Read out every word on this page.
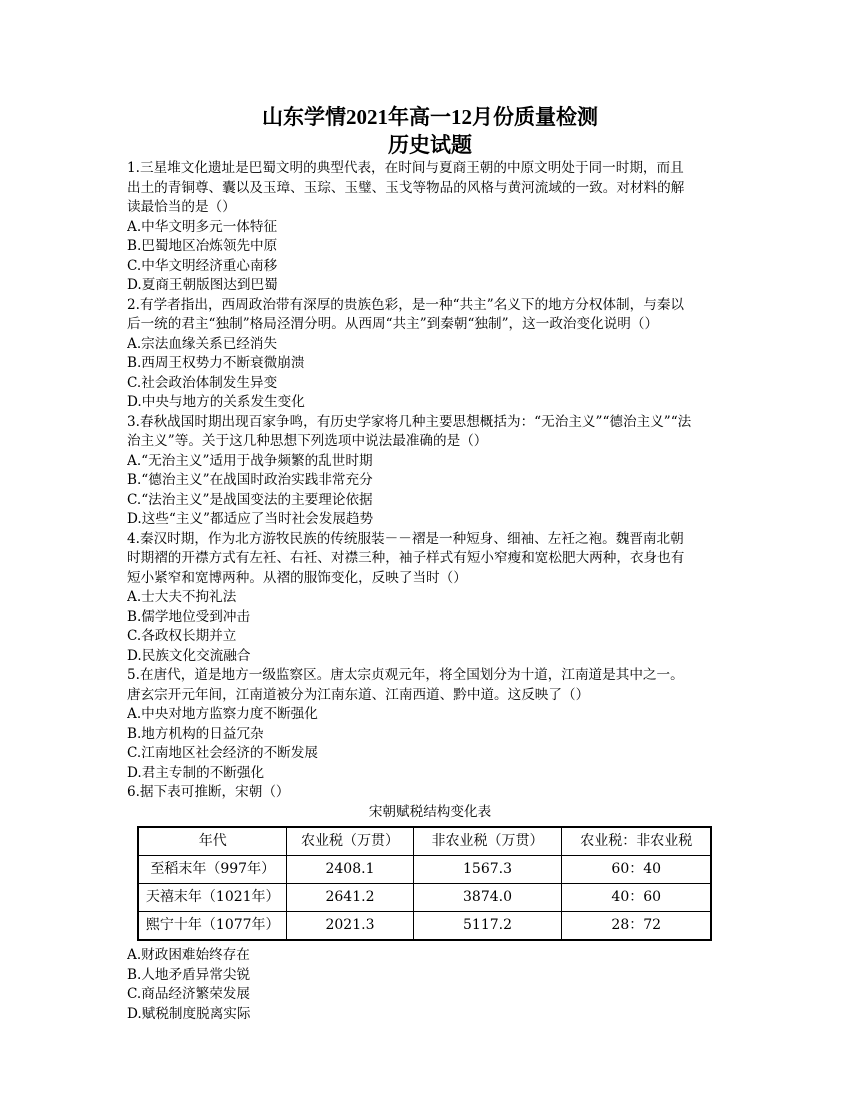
山东学情2021年高一12月份质量检测
历史试题
1.三星堆文化遗址是巴蜀文明的典型代表，在时间与夏商王朝的中原文明处于同一时期，而且
出土的青铜尊、囊以及玉璋、玉琮、玉璧、玉戈等物品的风格与黄河流域的一致。对材料的解
读最恰当的是（）
A.中华文明多元一体特征
B.巴蜀地区冶炼领先中原
C.中华文明经济重心南移
D.夏商王朝版图达到巴蜀
2.有学者指出，西周政治带有深厚的贵族色彩，是一种“共主”名义下的地方分权体制，与秦以
后一统的君主“独制”格局泾渭分明。从西周“共主”到秦朝“独制”，这一政治变化说明（）
A.宗法血缘关系已经消失
B.西周王权势力不断衰微崩溃
C.社会政治体制发生异变
D.中央与地方的关系发生变化
3.春秋战国时期出现百家争鸣，有历史学家将几种主要思想概括为：“无治主义”“德治主义”“法
治主义”等。关于这几种思想下列选项中说法最准确的是（）
A.“无治主义”适用于战争频繁的乱世时期
B.“德治主义”在战国时政治实践非常充分
C.“法治主义”是战国变法的主要理论依据
D.这些“主义”都适应了当时社会发展趋势
4.秦汉时期，作为北方游牧民族的传统服装－－褶是一种短身、细袖、左衽之袍。魏晋南北朝
时期褶的开襟方式有左衽、右衽、对襟三种，袖子样式有短小窄瘦和宽松肥大两种，衣身也有
短小紧窄和宽博两种。从褶的服饰变化，反映了当时（）
A.士大夫不拘礼法
B.儒学地位受到冲击
C.各政权长期并立
D.民族文化交流融合
5.在唐代，道是地方一级监察区。唐太宗贞观元年，将全国划分为十道，江南道是其中之一。
唐玄宗开元年间，江南道被分为江南东道、江南西道、黔中道。这反映了（）
A.中央对地方监察力度不断强化
B.地方机构的日益冗杂
C.江南地区社会经济的不断发展
D.君主专制的不断强化
6.据下表可推断，宋朝（）
宋朝赋税结构变化表
年代	农业税（万贯）	非农业税（万贯）	农业税：非农业税
至稻末年（997年）	2408.1	1567.3	60：40
天禧末年（1021年）	2641.2	3874.0	40：60
熙宁十年（1077年）	2021.3	5117.2	28：72
A.财政困难始终存在
B.人地矛盾异常尖锐
C.商品经济繁荣发展
D.赋税制度脱离实际
